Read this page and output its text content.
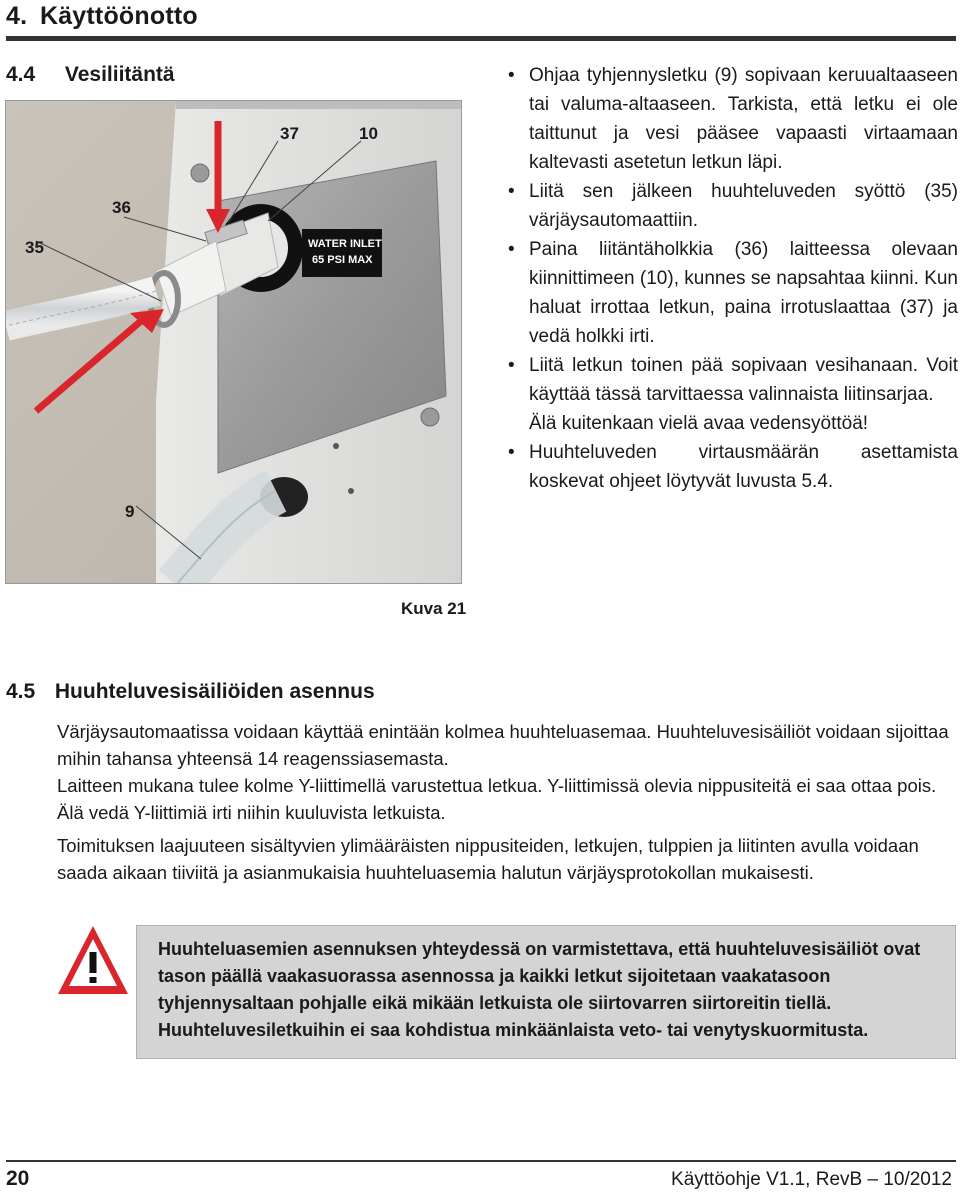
4. Käyttöönotto
4.4 Vesiliitäntä
WATER INLET
65 PSI MAX
35
36
37	10
9
Kuva 21
• Ohjaa tyhjennysletku (9) sopivaan keruualtaaseen tai valuma-altaaseen. Tarkista, että letku ei ole taittunut ja vesi pääsee vapaasti virtaamaan kaltevasti asetetun letkun läpi.
• Liitä sen jälkeen huuhteluveden syöttö (35) värjäysautomaattiin.
• Paina liitäntäholkkia (36) laitteessa olevaan kiinnittimeen (10), kunnes se napsahtaa kiinni. Kun haluat irrottaa letkun, paina irrotuslaattaa (37) ja vedä holkki irti.
• Liitä letkun toinen pää sopivaan vesihanaan. Voit käyttää tässä tarvittaessa valinnaista liitinsarjaa.
Älä kuitenkaan vielä avaa vedensyöttöä!
• Huuhteluveden virtausmäärän asettamista koskevat ohjeet löytyvät luvusta 5.4.
4.5 Huuhteluvesisäiliöiden asennus

Värjäysautomaatissa voidaan käyttää enintään kolmea huuhteluasemaa. Huuhteluvesisäiliöt voidaan sijoittaa mihin tahansa yhteensä 14 reagenssiasemasta.

Laitteen mukana tulee kolme Y-liittimellä varustettua letkua. Y-liittimissä olevia nippusiteitä ei saa ottaa pois. Älä vedä Y-liittimiä irti niihin kuuluvista letkuista.

Toimituksen laajuuteen sisältyvien ylimääräisten nippusiteiden, letkujen, tulppien ja liitinten avulla voidaan saada aikaan tiiviitä ja asianmukaisia huuhteluasemia halutun värjäysprotokollan mukaisesti.

Huuhteluasemien asennuksen yhteydessä on varmistettava, että huuhteluvesisäiliöt ovat tason päällä vaakasuorassa asennossa ja kaikki letkut sijoitetaan vaakatasoon tyhjennysaltaan pohjalle eikä mikään letkuista ole siirtovarren siirtoreitin tiellä. Huuhteluvesiletkuihin ei saa kohdistua minkäänlaista veto- tai venytyskuormitusta.

20	Käyttöohje V1.1, RevB – 10/2012
